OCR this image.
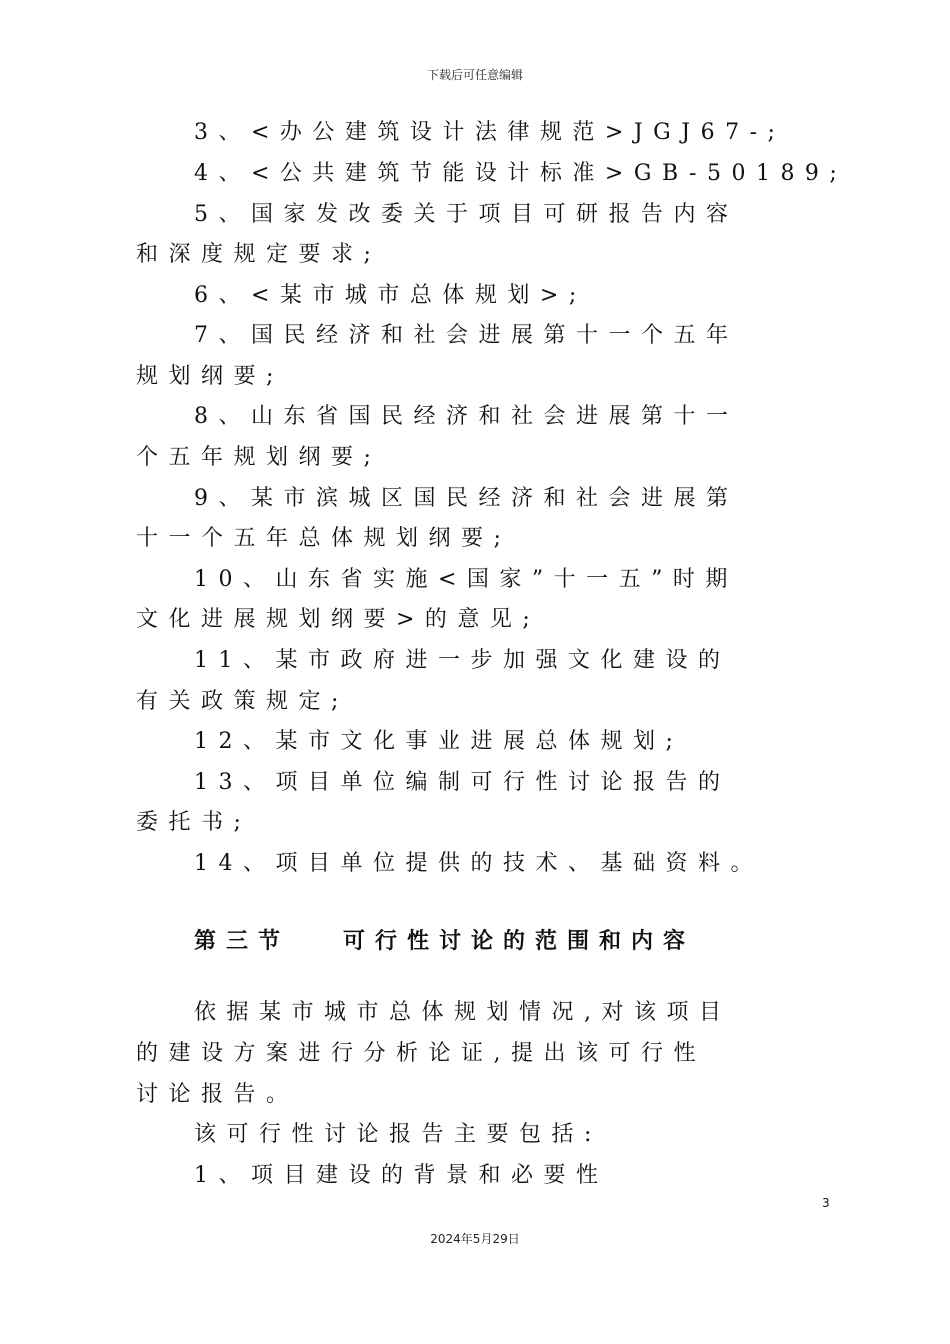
下载后可任意编辑
3、<办公建筑设计法律规范>JGJ67-;
4、<公共建筑节能设计标准>GB-50189;
5、国家发改委关于项目可研报告内容
和深度规定要求;
6、<某市城市总体规划>;
7、国民经济和社会进展第十一个五年
规划纲要;
8、山东省国民经济和社会进展第十一
个五年规划纲要;
9、某市滨城区国民经济和社会进展第
十一个五年总体规划纲要;
10、山东省实施<国家”十一五”时期
文化进展规划纲要>的意见;
11、某市政府进一步加强文化建设的
有关政策规定;
12、某市文化事业进展总体规划;
13、项目单位编制可行性讨论报告的
委托书;
14、项目单位提供的技术、基础资料。
第三节   可行性讨论的范围和内容
依据某市城市总体规划情况,对该项目
的建设方案进行分析论证,提出该可行性
讨论报告。
该可行性讨论报告主要包括:
1、项目建设的背景和必要性
3
2024年5月29日
